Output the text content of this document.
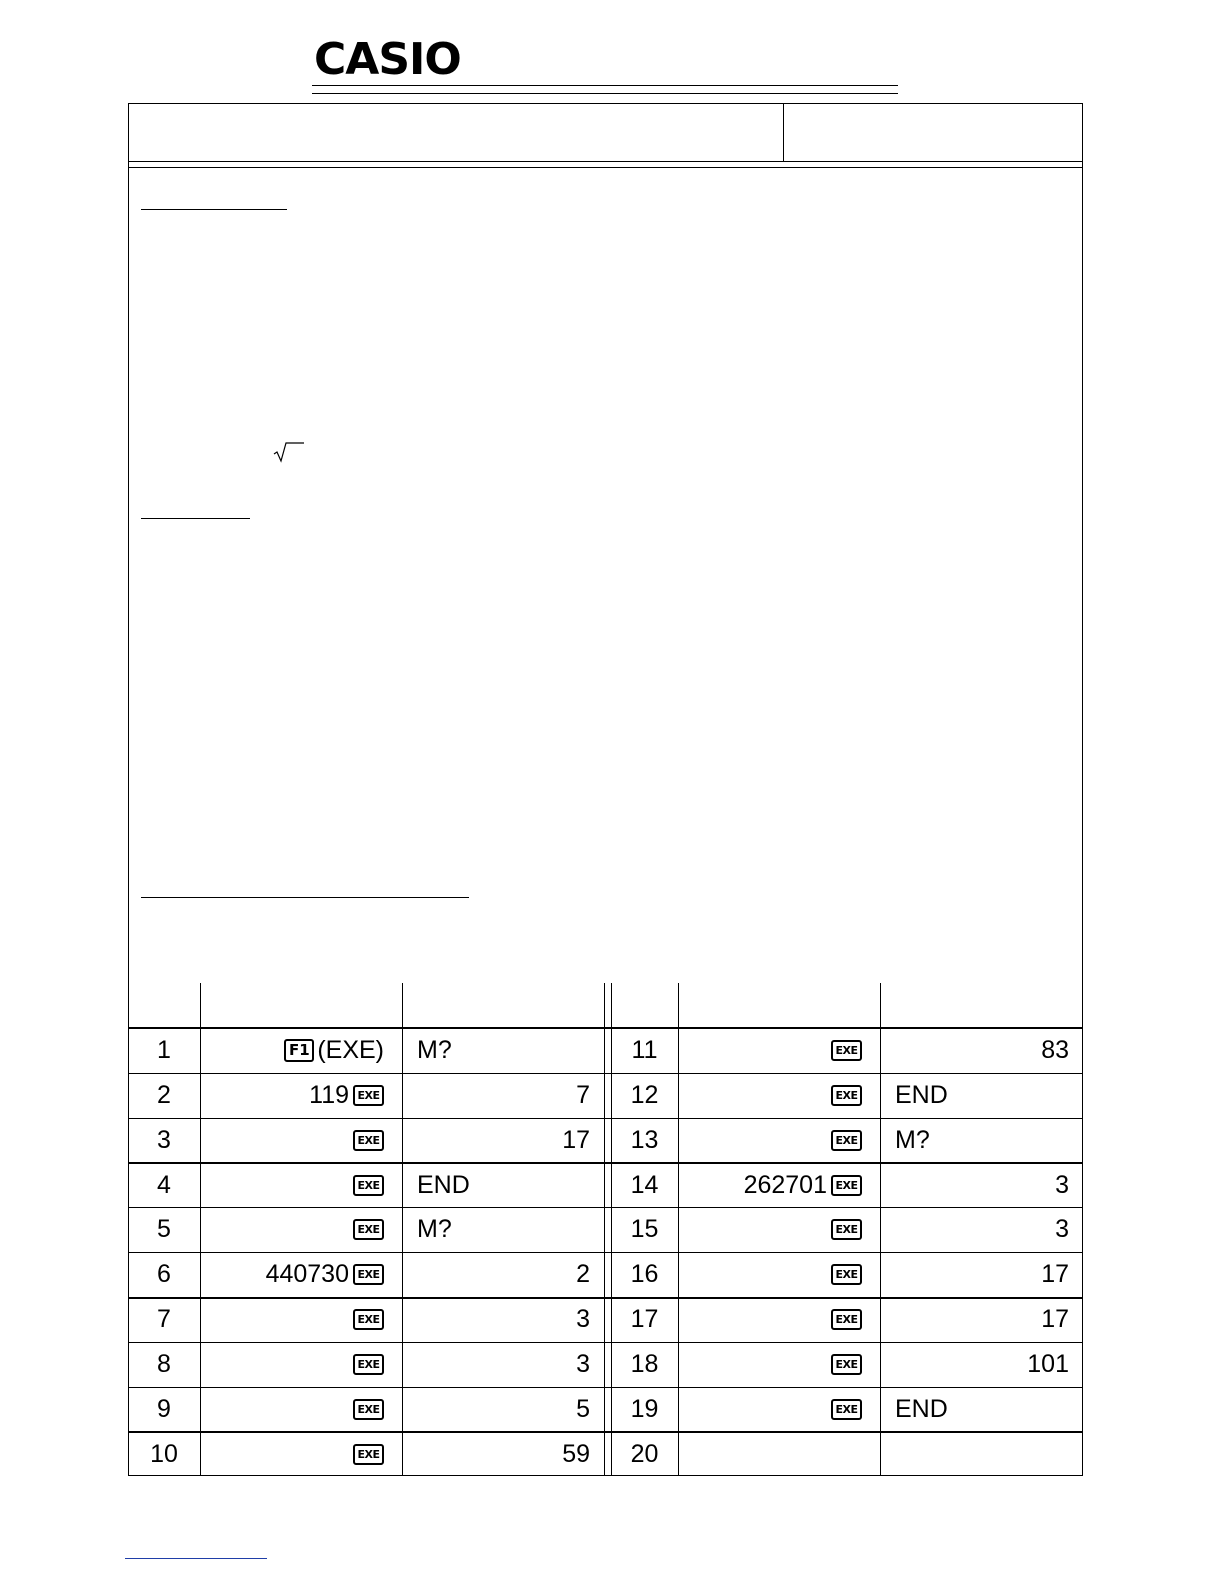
CASIO
1	F1 (EXE)	M?
2	119 EXE	7
3	EXE	17
4	EXE	END
5	EXE	M?
6	440730 EXE	2
7	EXE	3
8	EXE	3
9	EXE	5
10	EXE	59
11	EXE	83
12	EXE	END
13	EXE	M?
14	262701 EXE	3
15	EXE	3
16	EXE	17
17	EXE	17
18	EXE	101
19	EXE	END
20
